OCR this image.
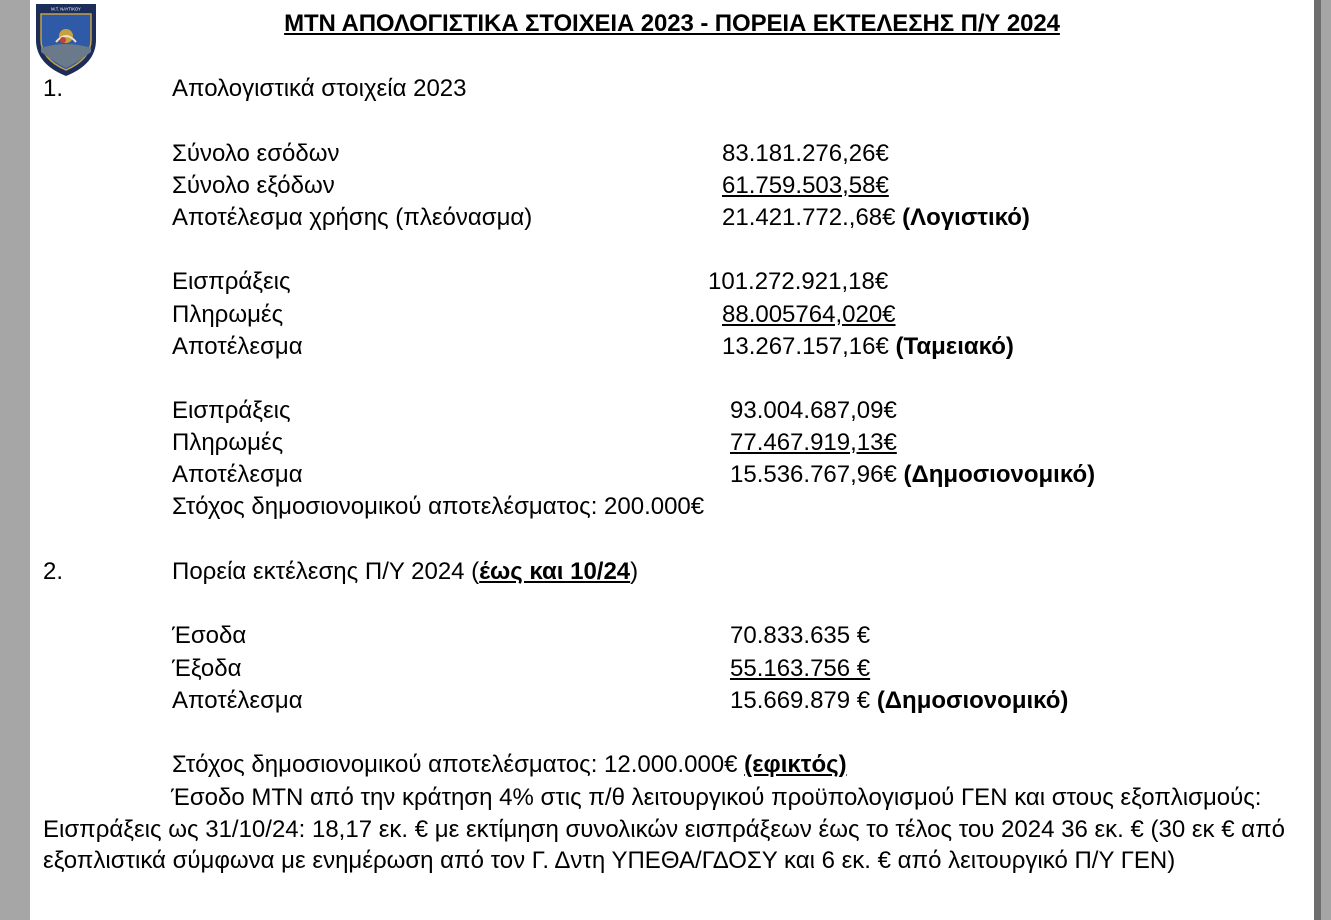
Μ.Τ. ΝΑΥΤΙΚΟΥ
ΜΤΝ ΑΠΟΛΟΓΙΣΤΙΚΑ ΣΤΟΙΧΕΙΑ 2023 - ΠΟΡΕΙΑ ΕΚΤΕΛΕΣΗΣ Π/Υ 2024
1.	Απολογιστικά στοιχεία 2023
Σύνολο εσόδων	83.181.276,26€
Σύνολο εξόδων	61.759.503,58€
Αποτέλεσμα χρήσης (πλεόνασμα)	21.421.772.,68€ (Λογιστικό)
Εισπράξεις	101.272.921,18€
Πληρωμές	88.005764,020€
Αποτέλεσμα	13.267.157,16€ (Ταμειακό)
Εισπράξεις	93.004.687,09€
Πληρωμές	77.467.919,13€
Αποτέλεσμα	15.536.767,96€ (Δημοσιονομικό)
Στόχος δημοσιονομικού αποτελέσματος: 200.000€
2.	Πορεία εκτέλεσης Π/Υ 2024 (έως και 10/24)
Έσοδα	70.833.635 €
Έξοδα	55.163.756 €
Αποτέλεσμα	15.669.879 € (Δημοσιονομικό)
Στόχος δημοσιονομικού αποτελέσματος: 12.000.000€ (εφικτός)
Έσοδο ΜΤΝ από την κράτηση 4% στις π/θ λειτουργικού προϋπολογισμού ΓΕΝ και στους εξοπλισμούς: Εισπράξεις ως 31/10/24: 18,17 εκ. € με εκτίμηση συνολικών εισπράξεων έως το τέλος του 2024 36 εκ. € (30 εκ € από εξοπλιστικά σύμφωνα με ενημέρωση από τον Γ. Δντη ΥΠΕΘΑ/ΓΔΟΣΥ και 6 εκ. € από λειτουργικό Π/Υ ΓΕΝ)
